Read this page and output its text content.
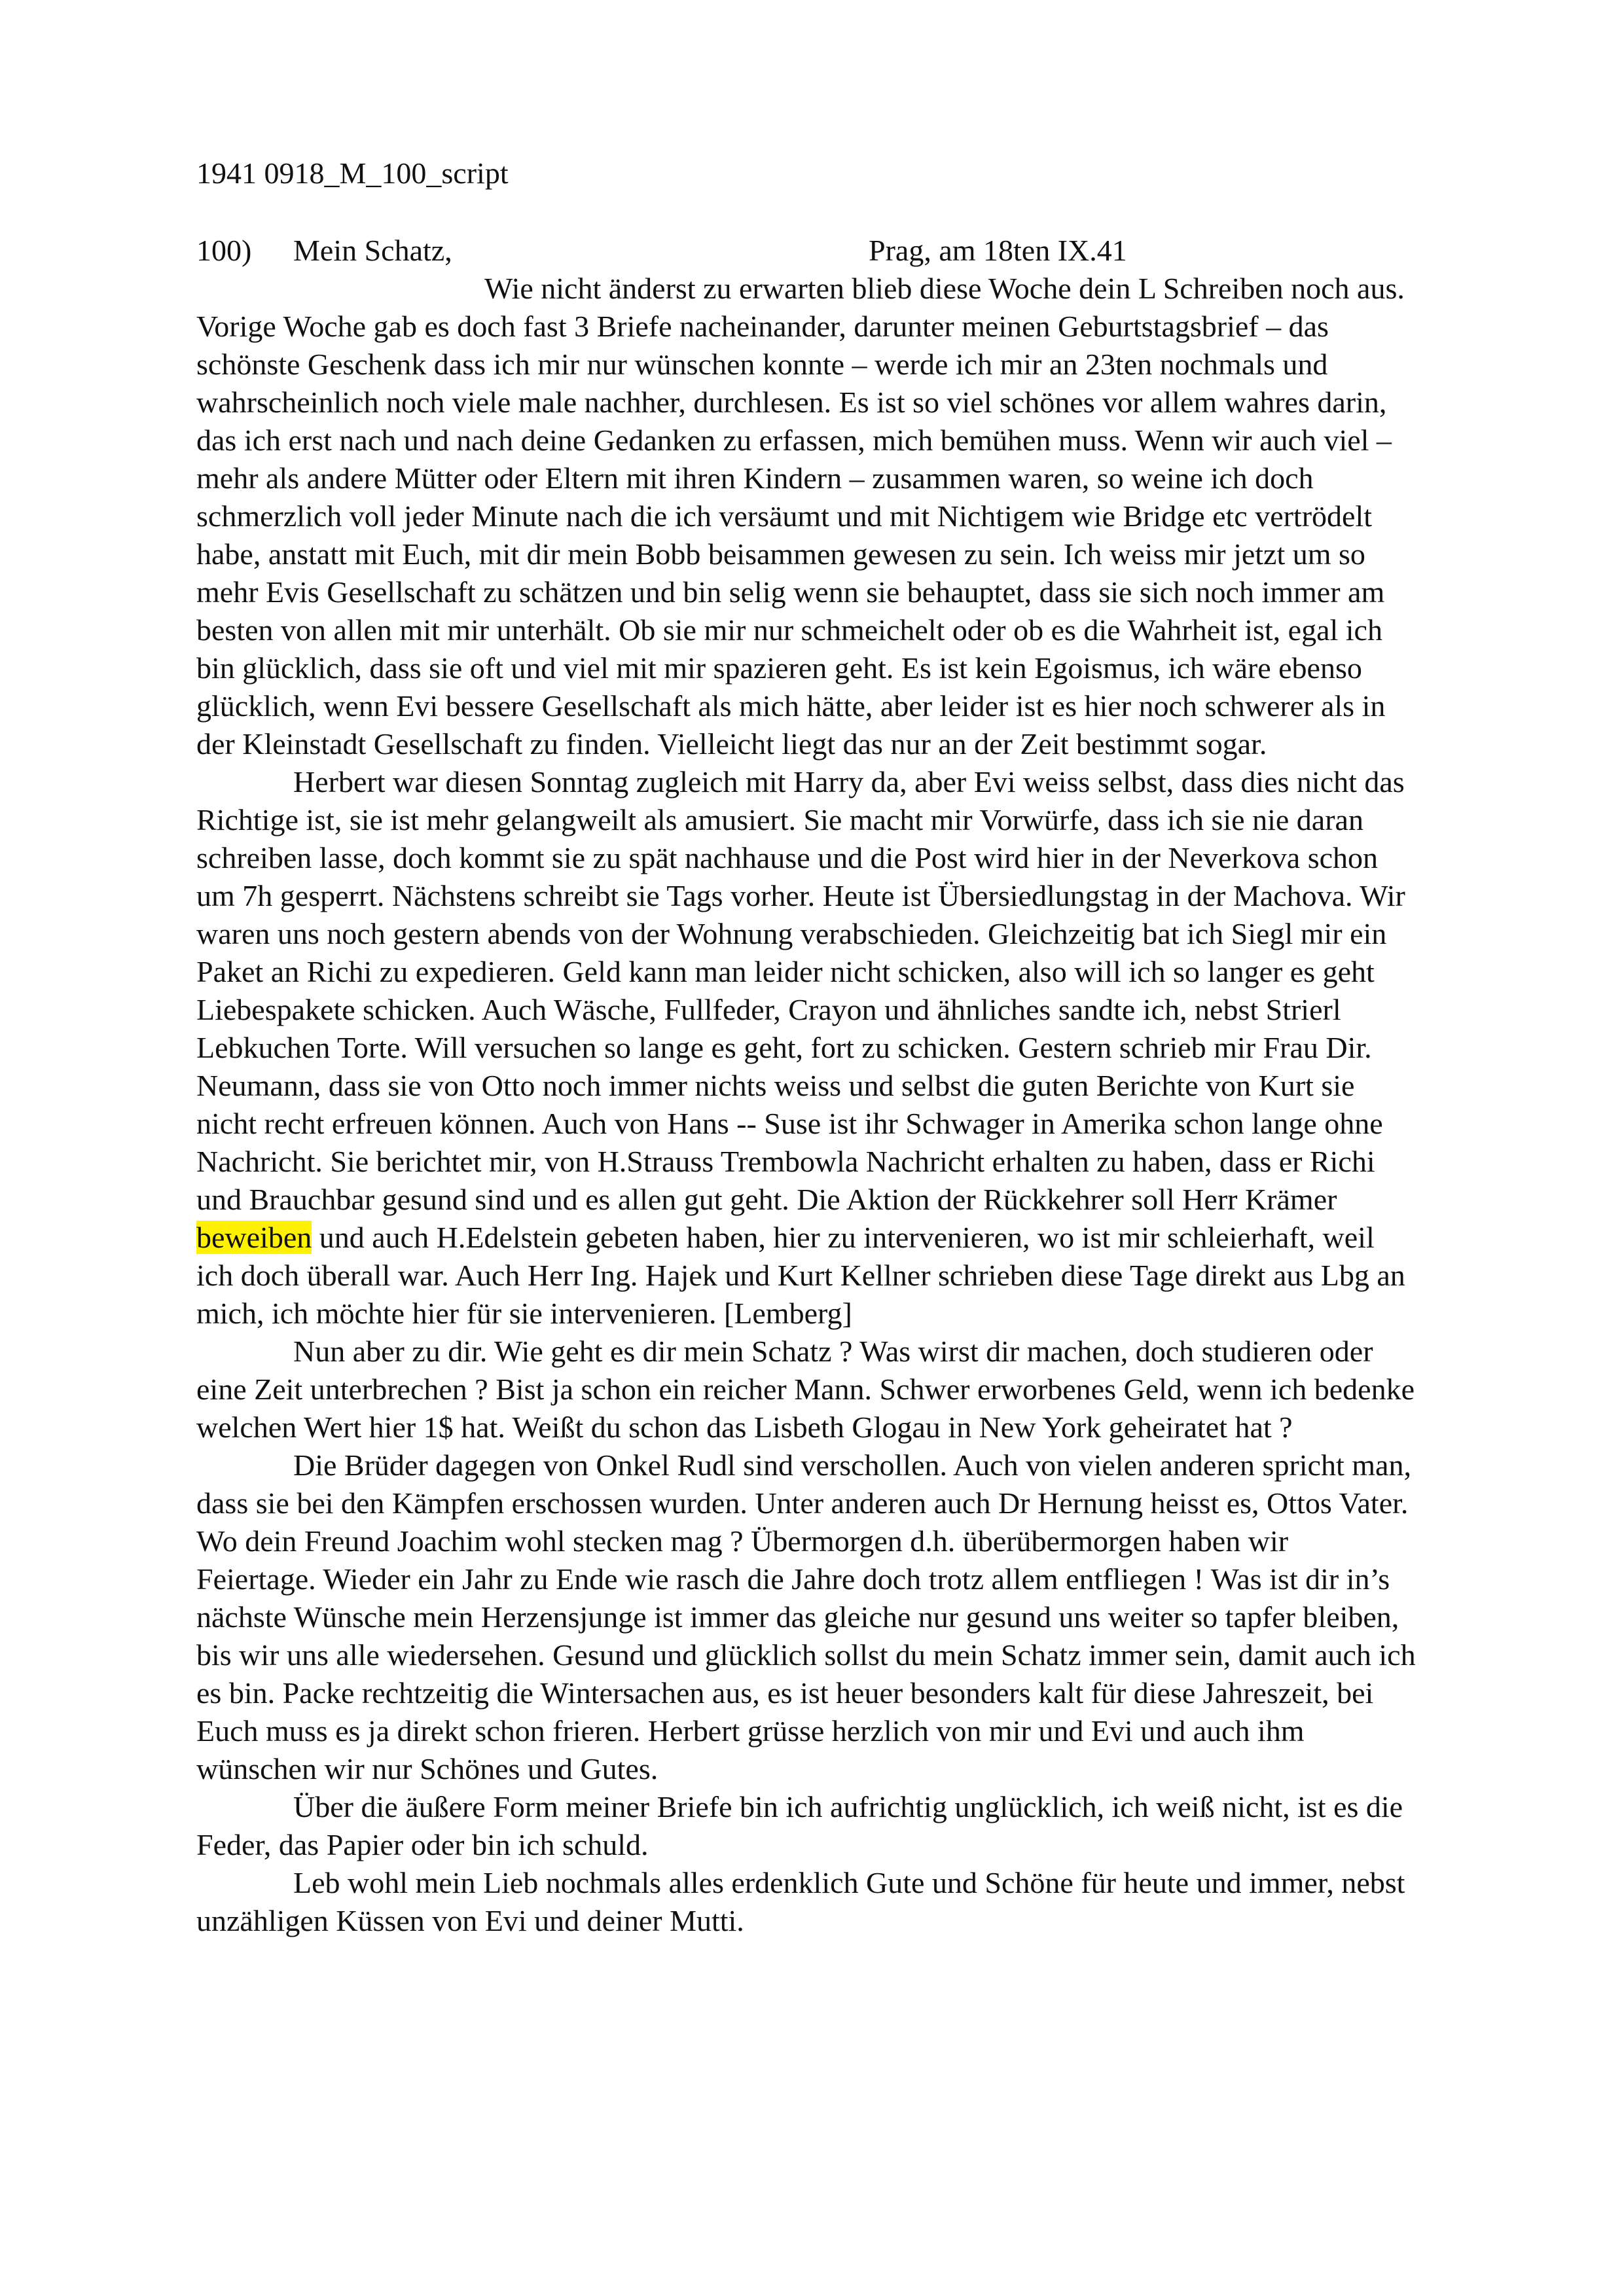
1941 0918_M_100_script
100) Mein Schatz,	Prag, am 18ten IX.41
Wie nicht änderst zu erwarten blieb diese Woche dein L Schreiben noch aus.
Vorige Woche gab es doch fast 3 Briefe nacheinander, darunter meinen Geburtstagsbrief – das
schönste Geschenk dass ich mir nur wünschen konnte – werde ich mir an 23ten nochmals und
wahrscheinlich noch viele male nachher, durchlesen. Es ist so viel schönes vor allem wahres darin,
das ich erst nach und nach deine Gedanken zu erfassen, mich bemühen muss. Wenn wir auch viel –
mehr als andere Mütter oder Eltern mit ihren Kindern – zusammen waren, so weine ich doch
schmerzlich voll jeder Minute nach die ich versäumt und mit Nichtigem wie Bridge etc vertrödelt
habe, anstatt mit Euch, mit dir mein Bobb beisammen gewesen zu sein. Ich weiss mir jetzt um so
mehr Evis Gesellschaft zu schätzen und bin selig wenn sie behauptet, dass sie sich noch immer am
besten von allen mit mir unterhält. Ob sie mir nur schmeichelt oder ob es die Wahrheit ist, egal ich
bin glücklich, dass sie oft und viel mit mir spazieren geht. Es ist kein Egoismus, ich wäre ebenso
glücklich, wenn Evi bessere Gesellschaft als mich hätte, aber leider ist es hier noch schwerer als in
der Kleinstadt Gesellschaft zu finden. Vielleicht liegt das nur an der Zeit bestimmt sogar.
Herbert war diesen Sonntag zugleich mit Harry da, aber Evi weiss selbst, dass dies nicht das
Richtige ist, sie ist mehr gelangweilt als amusiert. Sie macht mir Vorwürfe, dass ich sie nie daran
schreiben lasse, doch kommt sie zu spät nachhause und die Post wird hier in der Neverkova schon
um 7h gesperrt. Nächstens schreibt sie Tags vorher. Heute ist Übersiedlungstag in der Machova. Wir
waren uns noch gestern abends von der Wohnung verabschieden. Gleichzeitig bat ich Siegl mir ein
Paket an Richi zu expedieren. Geld kann man leider nicht schicken, also will ich so langer es geht
Liebespakete schicken. Auch Wäsche, Fullfeder, Crayon und ähnliches sandte ich, nebst Strierl
Lebkuchen Torte. Will versuchen so lange es geht, fort zu schicken. Gestern schrieb mir Frau Dir.
Neumann, dass sie von Otto noch immer nichts weiss und selbst die guten Berichte von Kurt sie
nicht recht erfreuen können. Auch von Hans -- Suse ist ihr Schwager in Amerika schon lange ohne
Nachricht. Sie berichtet mir, von H.Strauss Trembowla Nachricht erhalten zu haben, dass er Richi
und Brauchbar gesund sind und es allen gut geht. Die Aktion der Rückkehrer soll Herr Krämer
beweiben und auch H.Edelstein gebeten haben, hier zu intervenieren, wo ist mir schleierhaft, weil
ich doch überall war. Auch Herr Ing. Hajek und Kurt Kellner schrieben diese Tage direkt aus Lbg an
mich, ich möchte hier für sie intervenieren. [Lemberg]
Nun aber zu dir. Wie geht es dir mein Schatz ? Was wirst dir machen, doch studieren oder
eine Zeit unterbrechen ? Bist ja schon ein reicher Mann. Schwer erworbenes Geld, wenn ich bedenke
welchen Wert hier 1$ hat. Weißt du schon das Lisbeth Glogau in New York geheiratet hat ?
Die Brüder dagegen von Onkel Rudl sind verschollen. Auch von vielen anderen spricht man,
dass sie bei den Kämpfen erschossen wurden. Unter anderen auch Dr Hernung heisst es, Ottos Vater.
Wo dein Freund Joachim wohl stecken mag ? Übermorgen d.h. überübermorgen haben wir
Feiertage. Wieder ein Jahr zu Ende wie rasch die Jahre doch trotz allem entfliegen ! Was ist dir in’s
nächste Wünsche mein Herzensjunge ist immer das gleiche nur gesund uns weiter so tapfer bleiben,
bis wir uns alle wiedersehen. Gesund und glücklich sollst du mein Schatz immer sein, damit auch ich
es bin. Packe rechtzeitig die Wintersachen aus, es ist heuer besonders kalt für diese Jahreszeit, bei
Euch muss es ja direkt schon frieren. Herbert grüsse herzlich von mir und Evi und auch ihm
wünschen wir nur Schönes und Gutes.
Über die äußere Form meiner Briefe bin ich aufrichtig unglücklich, ich weiß nicht, ist es die
Feder, das Papier oder bin ich schuld.
Leb wohl mein Lieb nochmals alles erdenklich Gute und Schöne für heute und immer, nebst
unzähligen Küssen von Evi und deiner Mutti.
